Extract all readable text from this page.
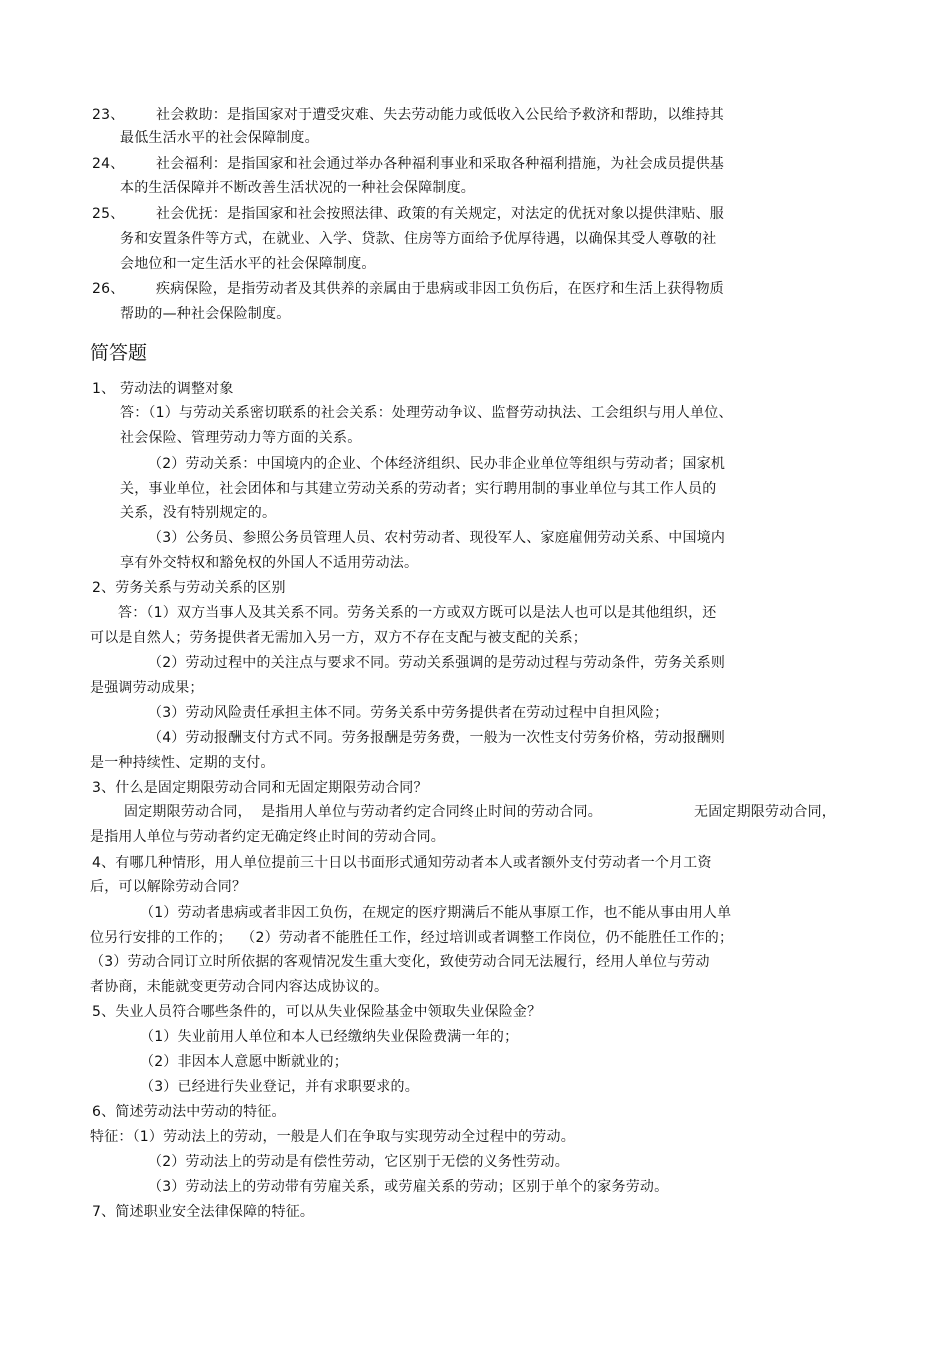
23、 社会救助：是指国家对于遭受灾难、失去劳动能力或低收入公民给予救济和帮助，以维持其
最低生活水平的社会保障制度。
24、 社会福利：是指国家和社会通过举办各种福利事业和采取各种福利措施，为社会成员提供基
本的生活保障并不断改善生活状况的一种社会保障制度。
25、 社会优抚：是指国家和社会按照法律、政策的有关规定，对法定的优抚对象以提供津贴、服
务和安置条件等方式，在就业、入学、贷款、住房等方面给予优厚待遇，以确保其受人尊敬的社
会地位和一定生活水平的社会保障制度。
26、 疾病保险，是指劳动者及其供养的亲属由于患病或非因工负伤后，在医疗和生活上获得物质
帮助的—种社会保险制度。
简答题
1、 劳动法的调整对象
答：（1）与劳动关系密切联系的社会关系：处理劳动争议、监督劳动执法、工会组织与用人单位、
社会保险、管理劳动力等方面的关系。
（2）劳动关系：中国境内的企业、个体经济组织、民办非企业单位等组织与劳动者；国家机
关，事业单位，社会团体和与其建立劳动关系的劳动者；实行聘用制的事业单位与其工作人员的
关系，没有特别规定的。
（3）公务员、参照公务员管理人员、农村劳动者、现役军人、家庭雇佣劳动关系、中国境内
享有外交特权和豁免权的外国人不适用劳动法。
2、劳务关系与劳动关系的区别
答：（1）双方当事人及其关系不同。劳务关系的一方或双方既可以是法人也可以是其他组织，还
可以是自然人；劳务提供者无需加入另一方，双方不存在支配与被支配的关系；
（2）劳动过程中的关注点与要求不同。劳动关系强调的是劳动过程与劳动条件，劳务关系则
是强调劳动成果；
（3）劳动风险责任承担主体不同。劳务关系中劳务提供者在劳动过程中自担风险；
（4）劳动报酬支付方式不同。劳务报酬是劳务费，一般为一次性支付劳务价格，劳动报酬则
是一种持续性、定期的支付。
3、什么是固定期限劳动合同和无固定期限劳动合同？
固定期限劳动合同，  是指用人单位与劳动者约定合同终止时间的劳动合同。	无固定期限劳动合同，
是指用人单位与劳动者约定无确定终止时间的劳动合同。
4、有哪几种情形，用人单位提前三十日以书面形式通知劳动者本人或者额外支付劳动者一个月工资
后，可以解除劳动合同？
（1）劳动者患病或者非因工负伤，在规定的医疗期满后不能从事原工作，也不能从事由用人单
位另行安排的工作的；  （2）劳动者不能胜任工作，经过培训或者调整工作岗位，仍不能胜任工作的；
（3）劳动合同订立时所依据的客观情况发生重大变化，致使劳动合同无法履行，经用人单位与劳动
者协商，未能就变更劳动合同内容达成协议的。
5、失业人员符合哪些条件的，可以从失业保险基金中领取失业保险金？
（1）失业前用人单位和本人已经缴纳失业保险费满一年的；
（2）非因本人意愿中断就业的；
（3）已经进行失业登记，并有求职要求的。
6、简述劳动法中劳动的特征。
特征：（1）劳动法上的劳动，一般是人们在争取与实现劳动全过程中的劳动。
（2）劳动法上的劳动是有偿性劳动，它区别于无偿的义务性劳动。
（3）劳动法上的劳动带有劳雇关系，或劳雇关系的劳动；区别于单个的家务劳动。
7、简述职业安全法律保障的特征。
